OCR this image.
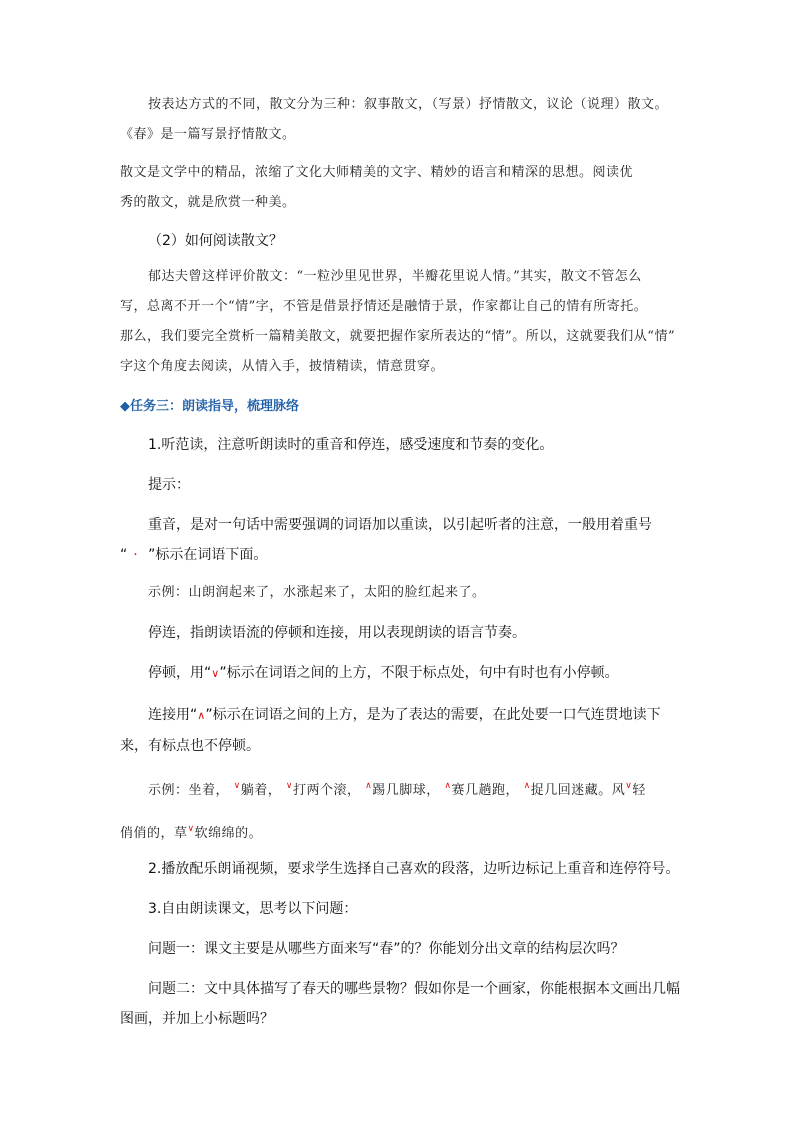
按表达方式的不同，散文分为三种：叙事散文，（写景）抒情散文，议论（说理）散文。
《春》是一篇写景抒情散文。
散文是文学中的精品，浓缩了文化大师精美的文字、精妙的语言和精深的思想。阅读优
秀的散文，就是欣赏一种美。
（2）如何阅读散文？
郁达夫曾这样评价散文：“一粒沙里见世界，半瓣花里说人情。”其实，散文不管怎么
写，总离不开一个“情”字，不管是借景抒情还是融情于景，作家都让自己的情有所寄托。
那么，我们要完全赏析一篇精美散文，就要把握作家所表达的“情”。所以，这就要我们从“情”
字这个角度去阅读，从情入手，披情精读，情意贯穿。
◆任务三：朗读指导，梳理脉络
1.听范读，注意听朗读时的重音和停连，感受速度和节奏的变化。
提示：
重音，是对一句话中需要强调的词语加以重读，以引起听者的注意，一般用着重号
“ · ”标示在词语下面。
示例：山朗润起来了，水涨起来了，太阳的脸红起来了。
停连，指朗读语流的停顿和连接，用以表现朗读的语言节奏。
停顿，用“∨”标示在词语之间的上方，不限于标点处，句中有时也有小停顿。
连接用“∧”标示在词语之间的上方，是为了表达的需要，在此处要一口气连贯地读下
来，有标点也不停顿。
示例：坐着， ∨躺着， ∨打两个滚， ∧踢几脚球， ∧赛几趟跑， ∧捉几回迷藏。风∨轻
俏俏的，草∨软绵绵的。
2.播放配乐朗诵视频，要求学生选择自己喜欢的段落，边听边标记上重音和连停符号。
3.自由朗读课文，思考以下问题：
问题一：课文主要是从哪些方面来写“春”的？你能划分出文章的结构层次吗？
问题二：文中具体描写了春天的哪些景物？假如你是一个画家，你能根据本文画出几幅
图画，并加上小标题吗？
